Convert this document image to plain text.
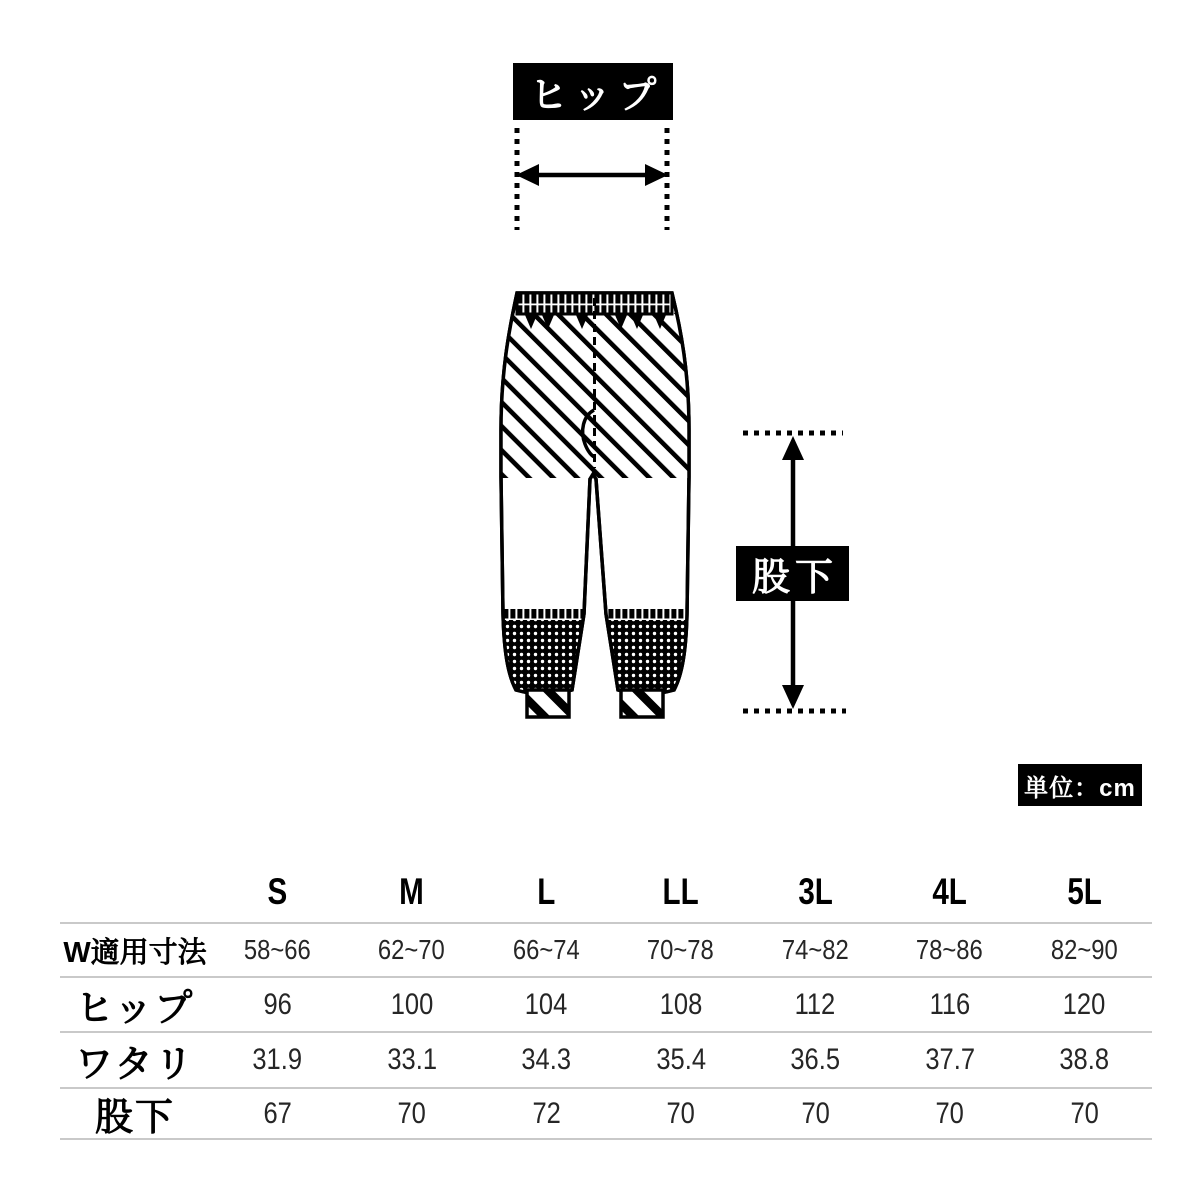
ヒップ
股下
単位：cm
S	M	L	LL	3L	4L	5L
W適用寸法 58~66 62~70 66~74 70~78 74~82 78~86 82~90
ヒップ	96	100	104	108	112	116	120
ワタリ	31.9	33.1	34.3	35.4	36.5	37.7	38.8
股下	67	70	72	70	70	70	70
